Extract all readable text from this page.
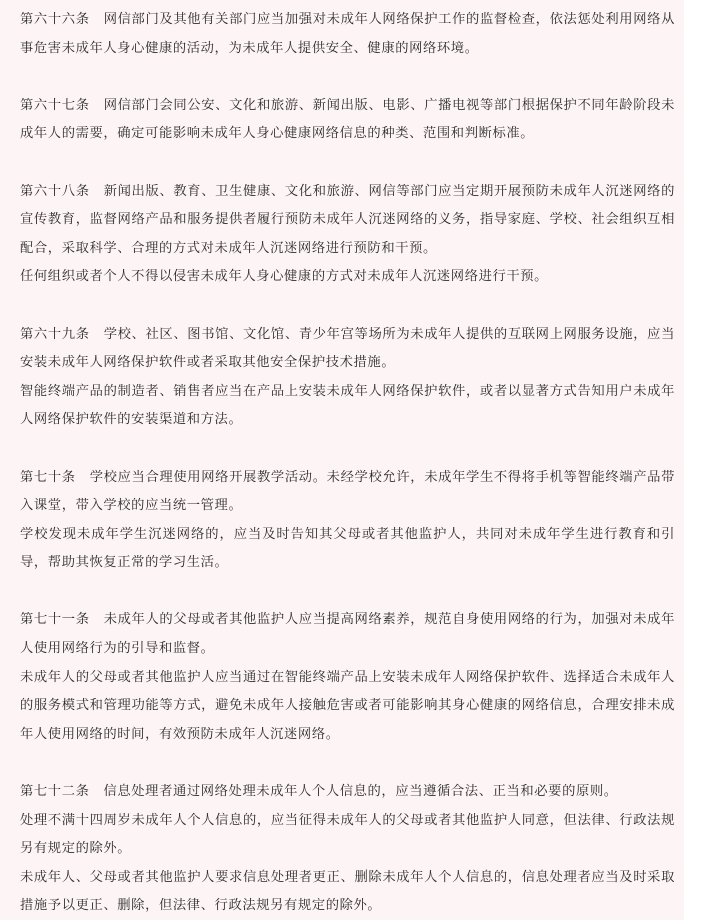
第六十六条 网信部门及其他有关部门应当加强对未成年人网络保护工作的监督检查，依法惩处利用网络从事危害未成年人身心健康的活动，为未成年人提供安全、健康的网络环境。

第六十七条 网信部门会同公安、文化和旅游、新闻出版、电影、广播电视等部门根据保护不同年龄阶段未成年人的需要，确定可能影响未成年人身心健康网络信息的种类、范围和判断标准。

第六十八条 新闻出版、教育、卫生健康、文化和旅游、网信等部门应当定期开展预防未成年人沉迷网络的宣传教育，监督网络产品和服务提供者履行预防未成年人沉迷网络的义务，指导家庭、学校、社会组织互相配合，采取科学、合理的方式对未成年人沉迷网络进行预防和干预。

任何组织或者个人不得以侵害未成年人身心健康的方式对未成年人沉迷网络进行干预。

第六十九条 学校、社区、图书馆、文化馆、青少年宫等场所为未成年人提供的互联网上网服务设施，应当安装未成年人网络保护软件或者采取其他安全保护技术措施。

智能终端产品的制造者、销售者应当在产品上安装未成年人网络保护软件，或者以显著方式告知用户未成年人网络保护软件的安装渠道和方法。

第七十条 学校应当合理使用网络开展教学活动。未经学校允许，未成年学生不得将手机等智能终端产品带入课堂，带入学校的应当统一管理。

学校发现未成年学生沉迷网络的，应当及时告知其父母或者其他监护人，共同对未成年学生进行教育和引导，帮助其恢复正常的学习生活。

第七十一条 未成年人的父母或者其他监护人应当提高网络素养，规范自身使用网络的行为，加强对未成年人使用网络行为的引导和监督。

未成年人的父母或者其他监护人应当通过在智能终端产品上安装未成年人网络保护软件、选择适合未成年人的服务模式和管理功能等方式，避免未成年人接触危害或者可能影响其身心健康的网络信息，合理安排未成年人使用网络的时间，有效预防未成年人沉迷网络。

第七十二条 信息处理者通过网络处理未成年人个人信息的，应当遵循合法、正当和必要的原则。

处理不满十四周岁未成年人个人信息的，应当征得未成年人的父母或者其他监护人同意，但法律、行政法规另有规定的除外。

未成年人、父母或者其他监护人要求信息处理者更正、删除未成年人个人信息的，信息处理者应当及时采取措施予以更正、删除，但法律、行政法规另有规定的除外。
